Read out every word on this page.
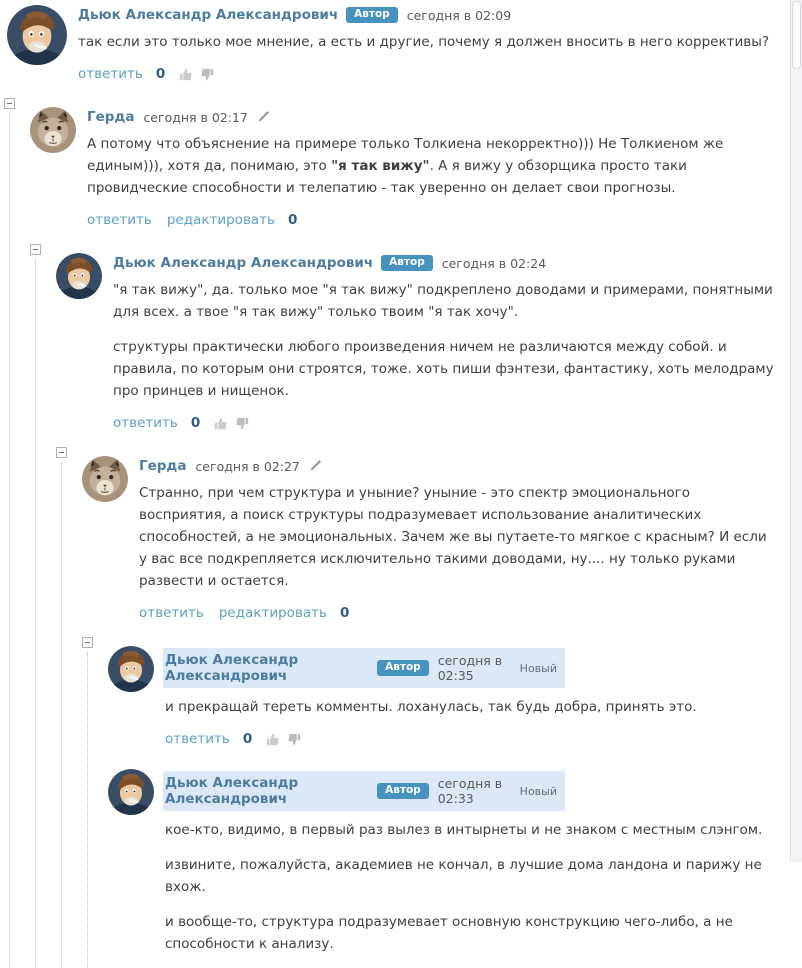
Дьюк Александр Александрович	Автор	сегодня в 02:09

так если это только мое мнение, а есть и другие, почему я должен вносить в него коррективы?

ответить 0
Герда сегодня в 02:17

А потому что объяснение на примере только Толкиена некорректно))) Не Толкиеном же единым))), хотя да, понимаю, это "я так вижу". А я вижу у обзорщика просто таки провидческие способности и телепатию - так уверенно он делает свои прогнозы.

ответить редактировать 0
Дьюк Александр Александрович	Автор	сегодня в 02:24

"я так вижу", да. только мое "я так вижу" подкреплено доводами и примерами, понятными для всех. а твое "я так вижу" только твоим "я так хочу".

структуры практически любого произведения ничем не различаются между собой. и правила, по которым они строятся, тоже. хоть пиши фэнтези, фантастику, хоть мелодраму про принцев и нищенок.

ответить 0
Герда сегодня в 02:27

Странно, при чем структура и уныние? уныние - это спектр эмоционального восприятия, а поиск структуры подразумевает использование аналитических способностей, а не эмоциональных. Зачем же вы путаете-то мягкое с красным? И если у вас все подкрепляется исключительно такими доводами, ну.... ну только руками развести и остается.

ответить редактировать 0
Дьюк Александр Александрович
Автор	сегодня в 02:35	Новый

и прекращай тереть комменты. лоханулась, так будь добра, принять это.

ответить 0
Дьюк Александр Александрович
Автор	сегодня в 02:33	Новый

кое-кто, видимо, в первый раз вылез в интырнеты и не знаком с местным слэнгом.

извините, пожалуйста, академиев не кончал, в лучшие дома ландона и парижу не вхож.

и вообще-то, структура подразумевает основную конструкцию чего-либо, а не способности к анализу.
